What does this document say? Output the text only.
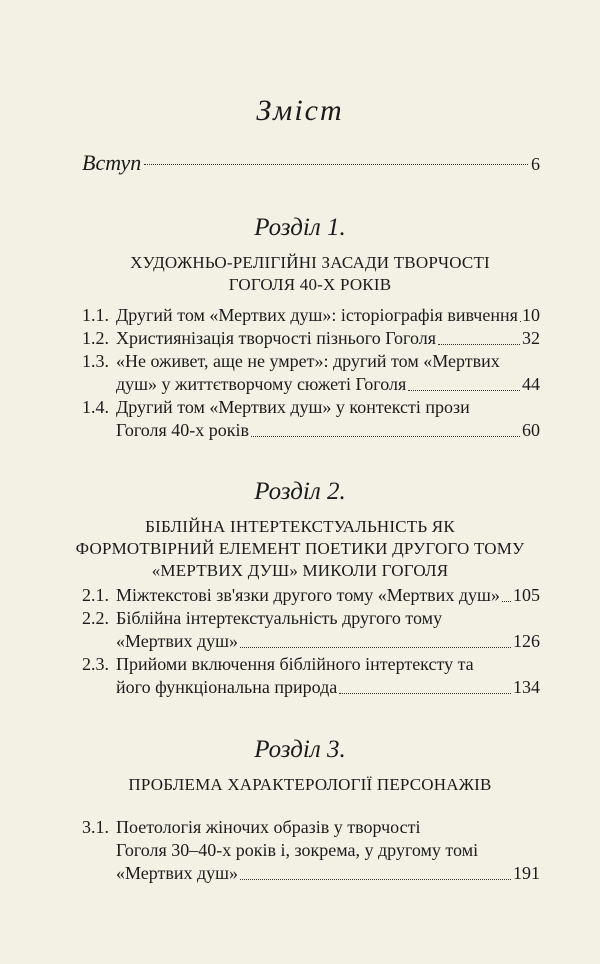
Зміст
Вступ	6
Розділ 1.
ХУДОЖНЬО-РЕЛІГІЙНІ ЗАСАДИ ТВОРЧОСТІ
ГОГОЛЯ 40-Х РОКІВ
1.1. Другий том «Мертвих душ»: історіографія вивчення 10
1.2. Християнізація творчості пізнього Гоголя	32
1.3. «Не оживет, аще не умрет»: другий том «Мертвих
душ» у життєтворчому сюжеті Гоголя	44
1.4. Другий том «Мертвих душ» у контексті прози
Гоголя 40-х років	60
Розділ 2.
БІБЛІЙНА ІНТЕРТЕКСТУАЛЬНІСТЬ ЯК
ФОРМОТВІРНИЙ ЕЛЕМЕНТ ПОЕТИКИ ДРУГОГО ТОМУ
«МЕРТВИХ ДУШ» МИКОЛИ ГОГОЛЯ
2.1. Міжтекстові зв'язки другого тому «Мертвих душ» 105
2.2. Біблійна інтертекстуальність другого тому
«Мертвих душ»	126
2.3. Прийоми включення біблійного інтертексту та
його функціональна природа	134
Розділ 3.
ПРОБЛЕМА ХАРАКТЕРОЛОГІЇ ПЕРСОНАЖІВ
3.1. Поетологія жіночих образів у творчості
Гоголя 30–40-х років і, зокрема, у другому томі
«Мертвих душ»	191
